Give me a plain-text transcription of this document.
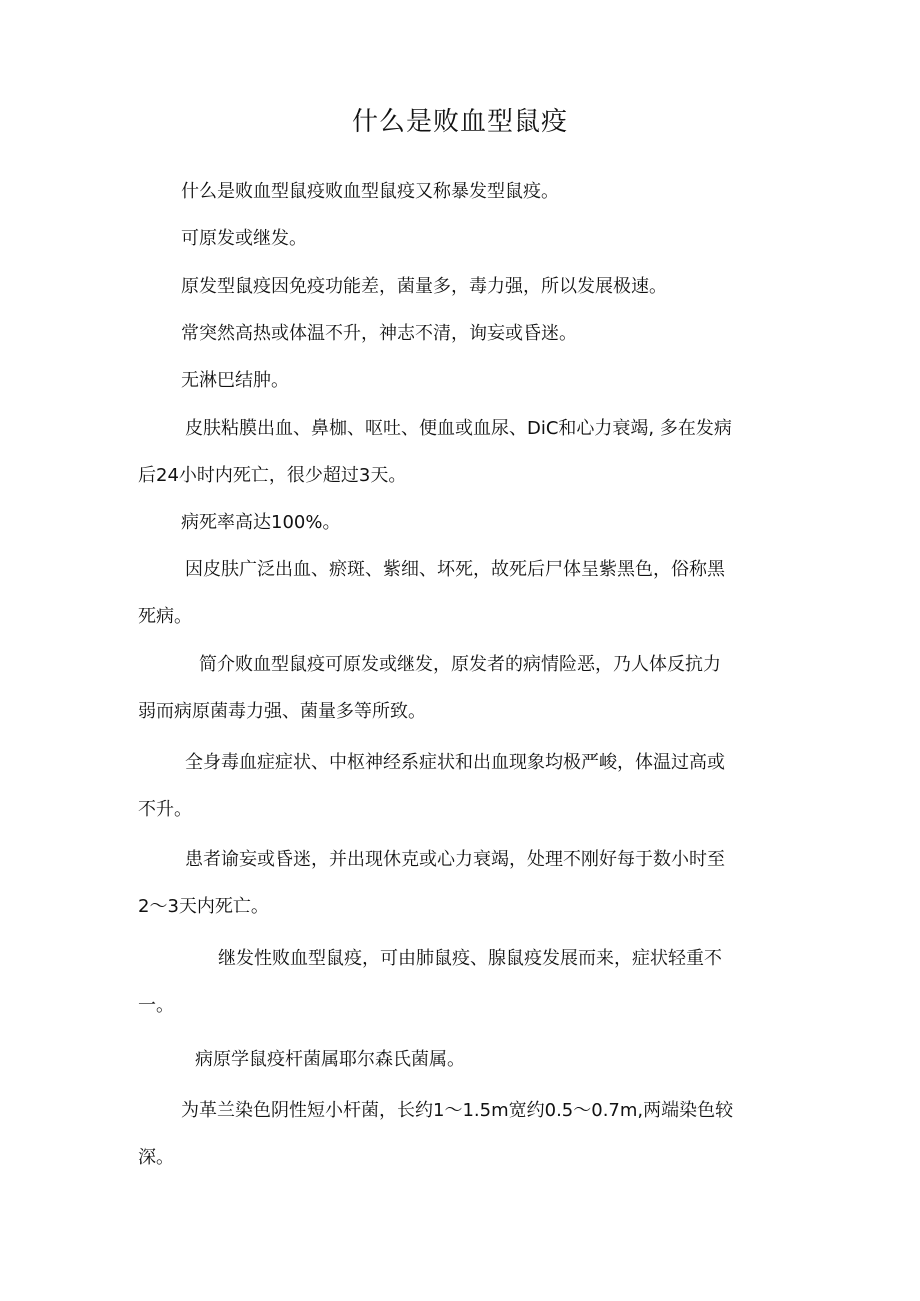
什么是败血型鼠疫
什么是败血型鼠疫败血型鼠疫又称暴发型鼠疫。
可原发或继发。
原发型鼠疫因免疫功能差，菌量多，毒力强，所以发展极速。
常突然高热或体温不升，神志不清，询妄或昏迷。
无淋巴结肿。
皮肤粘膜出血、鼻枷、呕吐、便血或血尿、DiC和心力衰竭, 多在发病
后24小时内死亡，很少超过3天。
病死率高达100%。
因皮肤广泛出血、瘀斑、紫细、坏死，故死后尸体呈紫黑色，俗称黑
死病。
简介败血型鼠疫可原发或继发，原发者的病情险恶，乃人体反抗力
弱而病原菌毒力强、菌量多等所致。
全身毒血症症状、中枢神经系症状和出血现象均极严峻，体温过高或
不升。
患者谕妄或昏迷，并出现休克或心力衰竭，处理不刚好每于数小时至
2〜3天内死亡。
继发性败血型鼠疫，可由肺鼠疫、腺鼠疫发展而来，症状轻重不
一。
病原学鼠疫杆菌属耶尔森氏菌属。
为革兰染色阴性短小杆菌，长约1〜1.5m宽约0.5〜0.7m,两端染色较
深。
